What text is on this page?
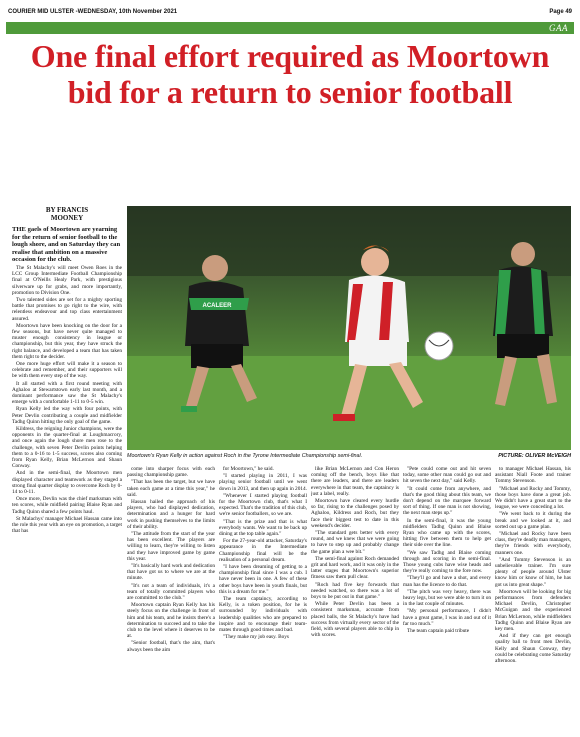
COURIER MID ULSTER -WEDNESDAY, 10th November 2021	Page 49
GAA
One final effort required as Moortown bid for a return to senior football
BY FRANCIS
MOONEY

THE gaels of Moortown are yearning for the return of senior football to the lough shore, and on Saturday they can realise that ambition on a massive occasion for the club.

The St Malachy's will meet Owen Roes in the LCC Group Intermediate Football Championship final at O'Neills Healy Park, with prestigious silverware up for grabs, and more importantly, promotion to Division One.

Two talented sides are set for a mighty sporting battle that promises to go right to the wire, with relentless endeavour and top class entertainment assured.

Moortown have been knocking on the door for a few seasons, but have never quite managed to muster enough consistency in league or championship, but this year, they have struck the right balance, and developed a team that has taken them right to the decider.

One more huge effort will make it a season to celebrate and remember, and their supporters will be with them every step of the way.

It all started with a first round meeting with Aghaloo at Stewartstown early last month, and a dominant performance saw the St Malachy's emerge with a comfortable 1-11 to 0-5 win.

Ryan Kelly led the way with four points, with Peter Devlin contributing a couple and midfielder Tadhg Quinn hitting the only goal of the game.

Kildress, the reigning Junior champions, were the opponents in the quarter-final at Loughmacrory, and once again the lough shore men rose to the challenge, with seven Peter Devlin points helping them to a 0-16 to 1-5 success, scores also coming from Ryan Kelly, Brian McLernon and Shaun Conway.

And in the semi-final, the Moortown men displayed character and teamwork as they staged a strong final quarter display to overcome Roch by 0-14 to 0-11.

Once more, Devlin was the chief marksman with ten scores, while midfield pairing Blaise Ryan and Tadhg Quinn shared a few points haul.

St Malachys' manager Michael Hassan came into the role this year with an eye on promotion, a target that has

ACALEER
Moortown's Ryan Kelly in action against Roch in the Tyrone Intermediate Championship semi-final.	PICTURE: OLIVER McVEIGH

come into sharper focus with each passing championship game.

"That has been the target, but we have taken each game at a time this year," he said.

Hassan hailed the approach of his players, who had displayed dedication, determination and a hunger for hard work in pushing themselves to the limits of their ability.

"The attitude from the start of the year has been excellent. The players are willing to learn, they're willing to listen and they have improved game by game this year.

"It's basically hard work and dedication that have got us to where we are at the minute.

"It's not a team of individuals, it's a team of totally committed players who are committed to the club."

Moortown captain Ryan Kelly has his steely focus on the challenge in front of him and his team, and he insists there's a determination to succeed and to take the club to the level where it deserves to be at.

"Senior football, that's the aim, that's always been the aim

for Moortown," he said.

"I started playing in 2011, I was playing senior football until we went down in 2013, and then up again in 2014.

"Whenever I started playing football for the Moortown club, that's what I expected. That's the tradition of this club, we're senior footballers, so we are.

"That is the prize and that is what everybody wants. We want to be back up dining at the top table again."

For the 27-year-old attacker, Saturday's appearance in the Intermediate Championship final will be the realisation of a personal dream.

"I have been dreaming of getting to a championship final since I was a cub. I have never been in one. A few of these other boys have been in youth finals, but this is a dream for me."

The team captaincy, according to Kelly, is a token position, for he is surrounded by individuals with leadership qualities who are prepared to inspire and to encourage their team-mates through good times and bad.

"They make my job easy. Boys

like Brian McLernon and Con Heron coming off the bench, boys like that there are leaders, and there are leaders everywhere in that team, the captaincy is just a label, really.

Moortown have cleared every hurdle so far, rising to the challenges posed by Aghaloo, Kildress and Roch, but they face their biggest test to date in this weekend's decider.

"The standard gets better with every round, and we knew that we were going to have to step up and probably change the game plan a wee bit."

The semi-final against Roch demanded grit and hard work, and it was only in the latter stages that Moortown's superior fitness saw them pull clear.

"Roch had five key forwards that needed watched, so there was a lot of boys to be put out in that game."

While Peter Devlin has been a consistent marksman, accurate from placed balls, the St Malachy's have had success from virtually every sector of the field, with several players able to chip in with scores.

"Pete could come out and hit seven today, some other man could go out and hit seven the next day," said Kelly.

"It could come from anywhere, and that's the good thing about this team, we don't depend on the marquee forward sort of thing. If one man is not showing, the next man steps up."

In the semi-final, it was the young midfielders Tadhg Quinn and Blaise Ryan who came up with the scores, hitting five between them to help get their side over the line.

"We saw Tadhg and Blaise coming through and scoring in the semi-final. Those young cubs have wise heads and they're really coming to the fore now.

"They'll go and have a shot, and every man has the licence to do that.

"The pitch was very heavy, there was heavy legs, but we were able to turn it on in the last couple of minutes.

"My personal performance, I didn't have a great game, I was in and out of it far too much."

The team captain paid tribute

to manager Michael Hassan, his assistant Niall Foote and trainer Tommy Stevenson.

"Michael and Rocky and Tommy, those boys have done a great job. We didn't have a great start to the league, we were conceding a lot.

"We went back to it during the break and we looked at it, and sorted out up a game plan.

"Michael and Rocky have been class, they're deadly man managers, they're friends with everybody, manners one.

"And Tommy Stevenson is an unbelievable trainer. I'm sure plenty of people around Ulster know him or know of him, he has got us into great shape."

Moortown will be looking for big performances from defenders Michael Devlin, Christopher McGuigan and the experienced Brian McLernon, while midfielders Tadhg Quinn and Blaise Ryan are key men.

And if they can get enough quality ball to front men Devlin, Kelly and Shaun Conway, they could be celebrating come Saturday afternoon.
